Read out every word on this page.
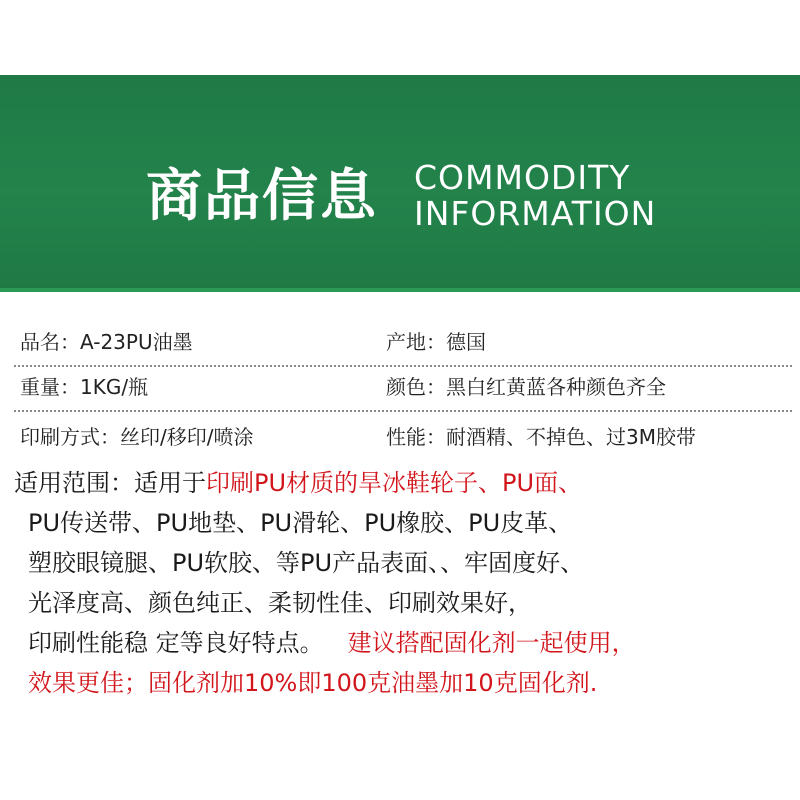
商品信息 COMMODITY
INFORMATION
品名：A-23PU油墨	产地：德国
重量：1KG/瓶	颜色：黑白红黄蓝各种颜色齐全
印刷方式：丝印/移印/喷涂	性能：耐酒精、不掉色、过3M胶带
适用范围：适用于印刷PU材质的旱冰鞋轮子、PU面、
PU传送带、PU地垫、PU滑轮、PU橡胶、PU皮革、
塑胶眼镜腿、PU软胶、等PU产品表面、、牢固度好、
光泽度高、颜色纯正、柔韧性佳、印刷效果好，
印刷性能稳 定等良好特点。 建议搭配固化剂一起使用，
效果更佳；固化剂加10%即100克油墨加10克固化剂.
